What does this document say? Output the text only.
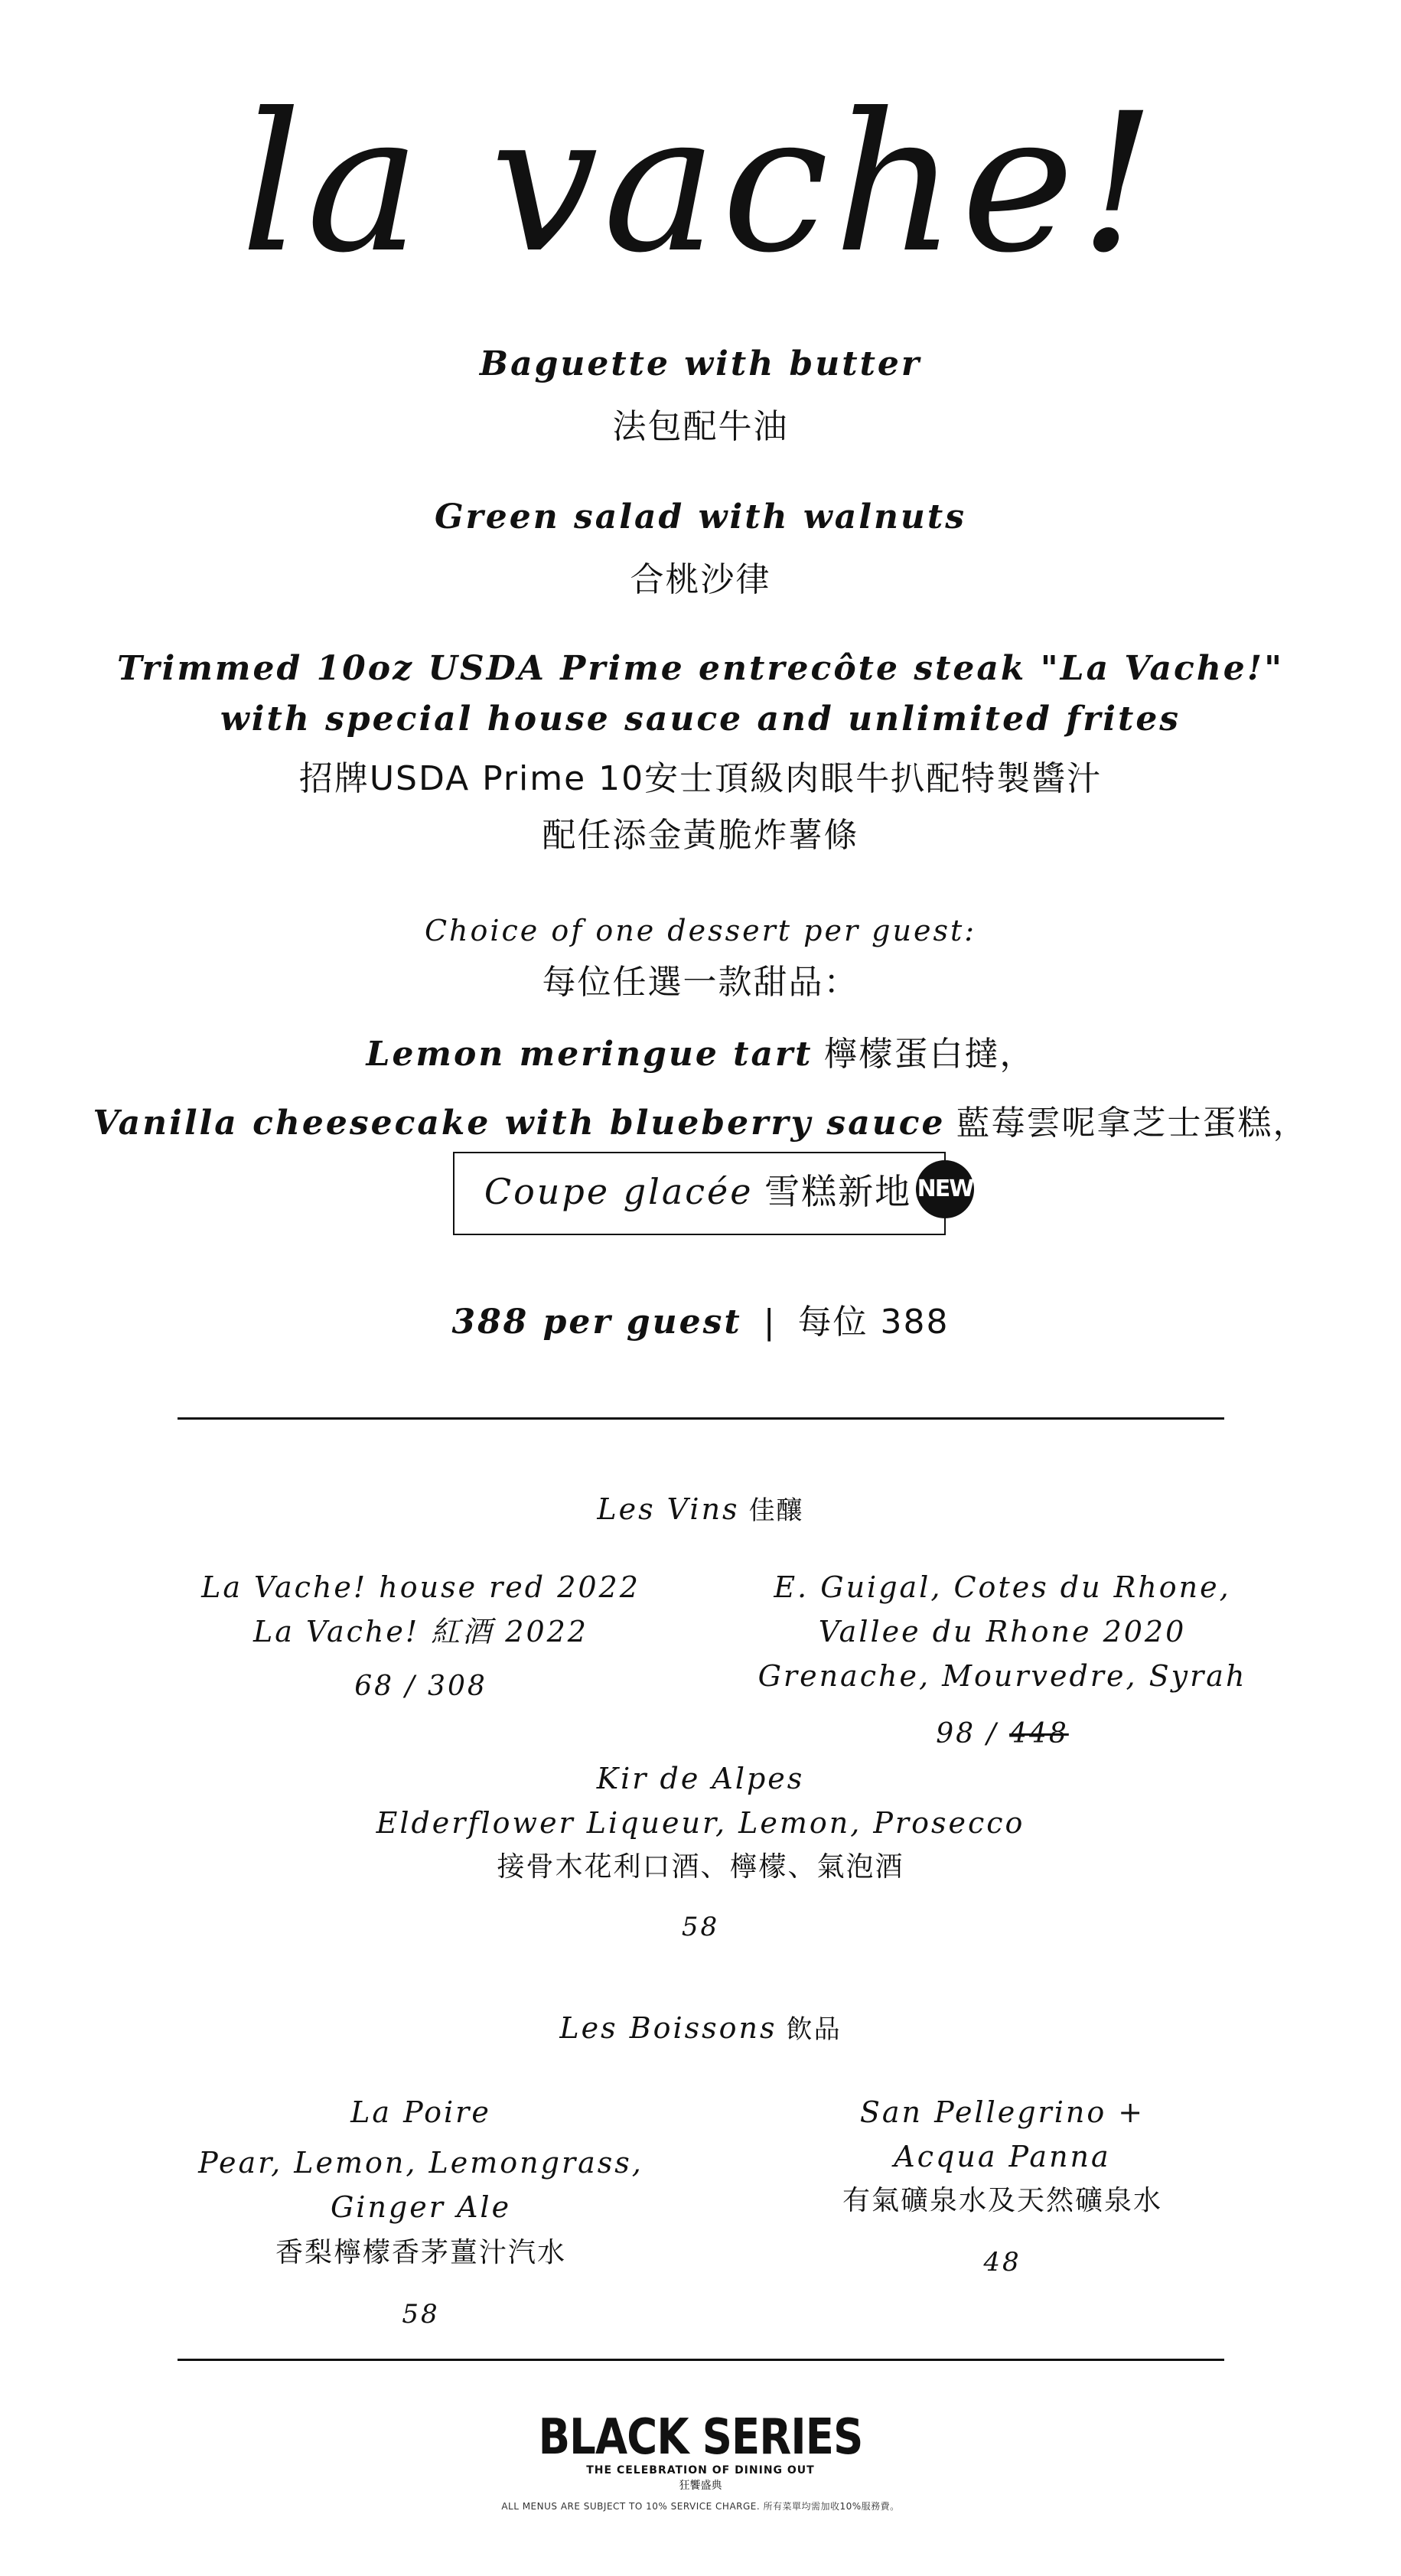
la vache!
Baguette with butter
法包配牛油
Green salad with walnuts
合桃沙律
Trimmed 10oz USDA Prime entrecôte steak "La Vache!"
with special house sauce and unlimited frites
招牌USDA Prime 10安士頂級肉眼牛扒配特製醬汁
配任添金黃脆炸薯條
Choice of one dessert per guest:
每位任選一款甜品：
Lemon meringue tart 檸檬蛋白撻，
Vanilla cheesecake with blueberry sauce 藍莓雲呢拿芝士蛋糕，
Coupe glacée 雪糕新地 NEW
388 per guest | 每位 388
Les Vins 佳釀
La Vache! house red 2022
La Vache! 紅酒 2022
68 / 308
E. Guigal, Cotes du Rhone,
Vallee du Rhone 2020
Grenache, Mourvedre, Syrah
98 / 448
Kir de Alpes
Elderflower Liqueur, Lemon, Prosecco
接骨木花利口酒、檸檬、氣泡酒
58
Les Boissons 飲品
La Poire
Pear, Lemon, Lemongrass,
Ginger Ale
香梨檸檬香茅薑汁汽水
58
San Pellegrino +
Acqua Panna
有氣礦泉水及天然礦泉水
48
BLACK SERIES
THE CELEBRATION OF DINING OUT
狂饗盛典
ALL MENUS ARE SUBJECT TO 10% SERVICE CHARGE. 所有菜單均需加收10%服務費。
